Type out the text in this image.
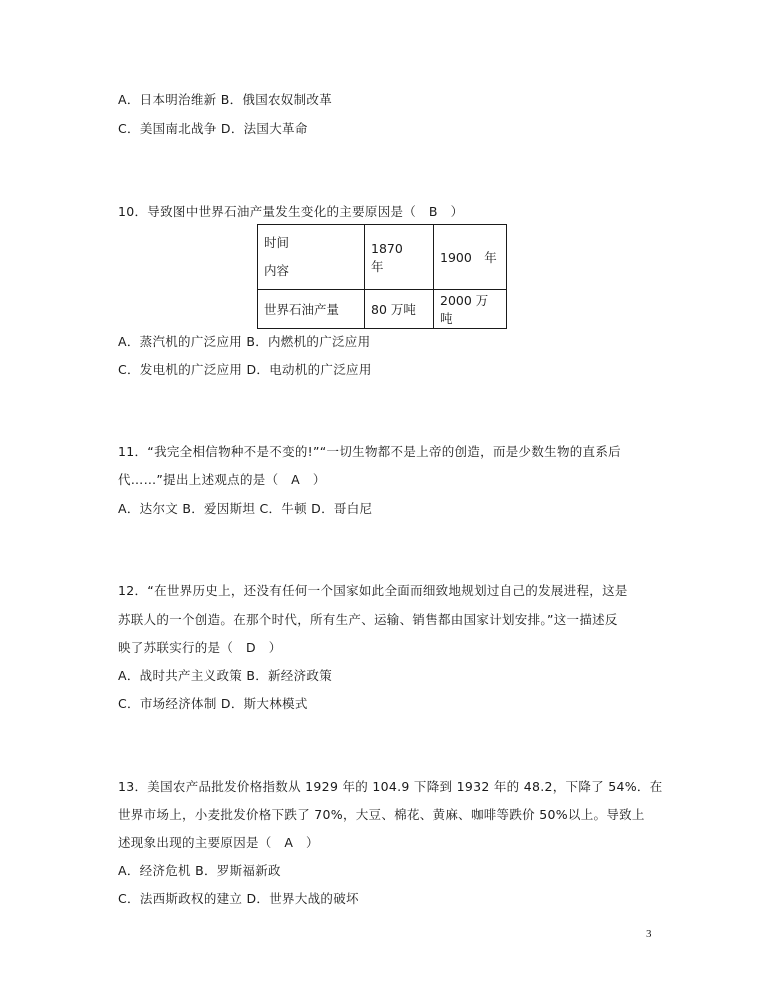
A．日本明治维新 B．俄国农奴制改革
C．美国南北战争 D．法国大革命
10．导致图中世界石油产量发生变化的主要原因是（　B　）
时间
内容	1870　年	1900　年
世界石油产量	80 万吨	2000 万吨
A．蒸汽机的广泛应用 B．内燃机的广泛应用
C．发电机的广泛应用 D．电动机的广泛应用
11．“我完全相信物种不是不变的!”“一切生物都不是上帝的创造，而是少数生物的直系后
代……”提出上述观点的是（　A　）
A．达尔文 B．爱因斯坦 C．牛顿 D．哥白尼
12．“在世界历史上，还没有任何一个国家如此全面而细致地规划过自己的发展进程，这是
苏联人的一个创造。在那个时代，所有生产、运输、销售都由国家计划安排。”这一描述反
映了苏联实行的是（　D　）
A．战时共产主义政策 B．新经济政策
C．市场经济体制 D．斯大林模式
13．美国农产品批发价格指数从 1929 年的 104.9 下降到 1932 年的 48.2，下降了 54%．在
世界市场上，小麦批发价格下跌了 70%，大豆、棉花、黄麻、咖啡等跌价 50%以上。导致上
述现象出现的主要原因是（　A　）
A．经济危机 B．罗斯福新政
C．法西斯政权的建立 D．世界大战的破坏
3
